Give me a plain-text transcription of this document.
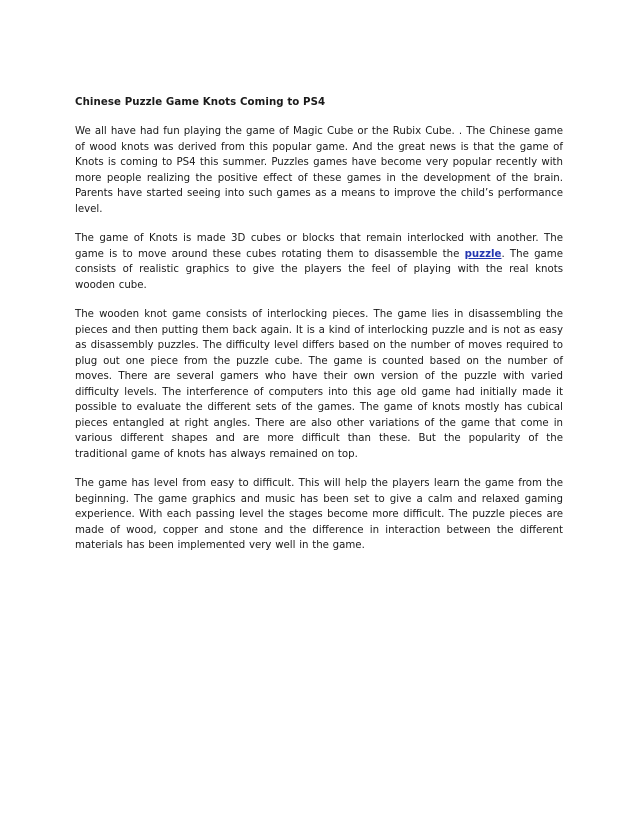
Chinese Puzzle Game Knots Coming to PS4

We all have had fun playing the game of Magic Cube or the Rubix Cube. . The Chinese game of wood knots was derived from this popular game. And the great news is that the game of Knots is coming to PS4 this summer. Puzzles games have become very popular recently with more people realizing the positive effect of these games in the development of the brain. Parents have started seeing into such games as a means to improve the child’s performance level.

The game of Knots is made 3D cubes or blocks that remain interlocked with another. The game is to move around these cubes rotating them to disassemble the puzzle. The game consists of realistic graphics to give the players the feel of playing with the real knots wooden cube.

The wooden knot game consists of interlocking pieces. The game lies in disassembling the pieces and then putting them back again. It is a kind of interlocking puzzle and is not as easy as disassembly puzzles. The difficulty level differs based on the number of moves required to plug out one piece from the puzzle cube. The game is counted based on the number of moves. There are several gamers who have their own version of the puzzle with varied difficulty levels. The interference of computers into this age old game had initially made it possible to evaluate the different sets of the games. The game of knots mostly has cubical pieces entangled at right angles. There are also other variations of the game that come in various different shapes and are more difficult than these. But the popularity of the traditional game of knots has always remained on top.

The game has level from easy to difficult. This will help the players learn the game from the beginning. The game graphics and music has been set to give a calm and relaxed gaming experience. With each passing level the stages become more difficult. The puzzle pieces are made of wood, copper and stone and the difference in interaction between the different materials has been implemented very well in the game.
